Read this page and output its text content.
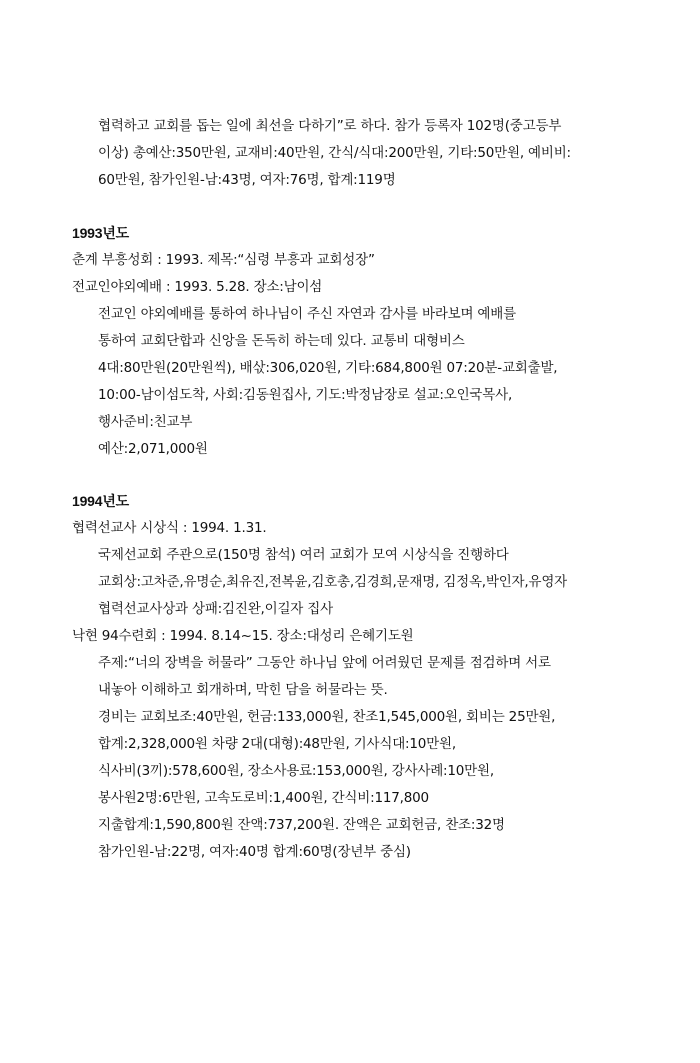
협력하고 교회를 돕는 일에 최선을 다하기”로 하다. 참가 등록자 102명(중고등부
이상) 총예산:350만원, 교재비:40만원, 간식/식대:200만원, 기타:50만원, 예비비:
60만원, 참가인원-남:43명, 여자:76명, 합계:119명
1993년도
춘계 부흥성회 : 1993. 제목:“심령 부흥과 교회성장”
전교인야외예배 : 1993. 5.28. 장소:남이섬
전교인 야외예배를 통하여 하나님이 주신 자연과 감사를 바라보며 예배를
통하여 교회단합과 신앙을 돈독히 하는데 있다. 교통비 대형비스
4대:80만원(20만원씩), 배삯:306,020원, 기타:684,800원 07:20분-교회출발,
10:00-남이섬도착, 사회:김동원집사, 기도:박정남장로 설교:오인국목사,
행사준비:친교부
예산:2,071,000원
1994년도
협력선교사 시상식 : 1994. 1.31.
국제선교회 주관으로(150명 참석) 여러 교회가 모여 시상식을 진행하다
교회상:고차준,유명순,최유진,전복윤,김호총,김경희,문재명, 김정옥,박인자,유영자
협력선교사상과 상패:김진완,이길자 집사
낙현 94수련회 : 1994. 8.14~15. 장소:대성리 은혜기도원
주제:“너의 장벽을 허물라” 그동안 하나님 앞에 어려웠던 문제를 점검하며 서로
내놓아 이해하고 회개하며, 막힌 담을 허물라는 뜻.
경비는 교회보조:40만원, 헌금:133,000원, 찬조1,545,000원, 회비는 25만원,
합계:2,328,000원 차량 2대(대형):48만원, 기사식대:10만원,
식사비(3끼):578,600원, 장소사용료:153,000원, 강사사례:10만원,
봉사원2명:6만원, 고속도로비:1,400원, 간식비:117,800
지출합계:1,590,800원 잔액:737,200원. 잔액은 교회헌금, 찬조:32명
참가인원-남:22명, 여자:40명 합계:60명(장년부 중심)
